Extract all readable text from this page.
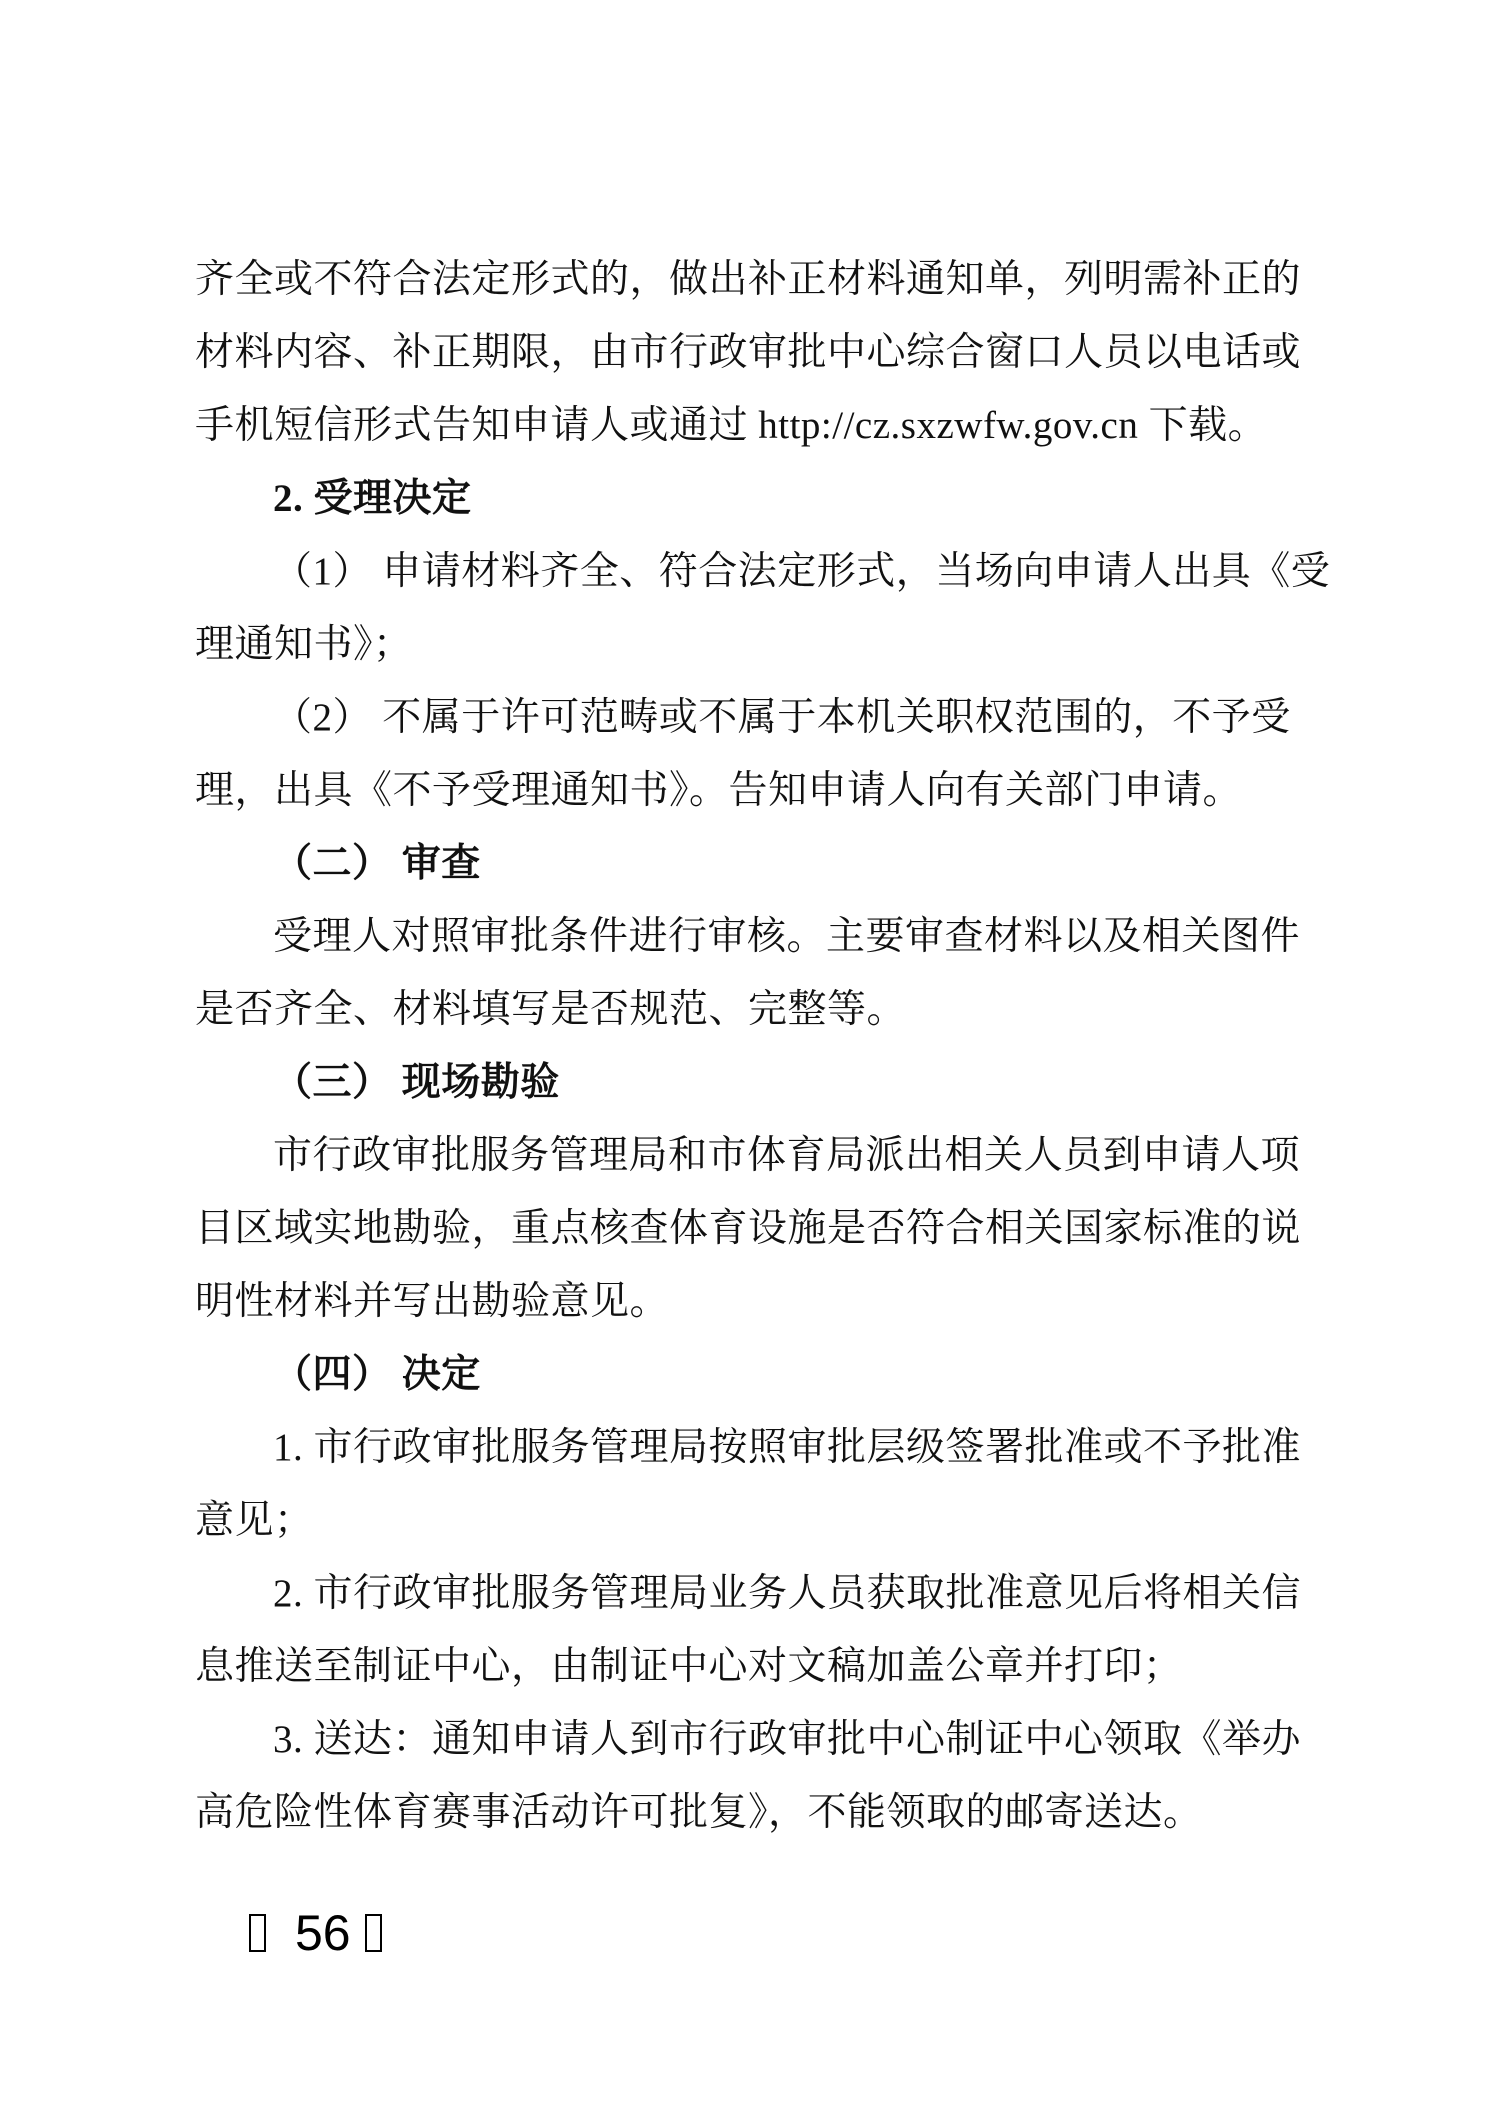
齐全或不符合法定形式的，做出补正材料通知单，列明需补正的
材料内容、补正期限，由市行政审批中心综合窗口人员以电话或
手机短信形式告知申请人或通过 http://cz.sxzwfw.gov.cn 下载。
2. 受理决定
（1） 申请材料齐全、符合法定形式，当场向申请人出具《受
理通知书》；
（2） 不属于许可范畴或不属于本机关职权范围的，不予受
理，出具《不予受理通知书》。告知申请人向有关部门申请。
（二） 审查
受理人对照审批条件进行审核。主要审查材料以及相关图件
是否齐全、材料填写是否规范、完整等。
（三） 现场勘验
市行政审批服务管理局和市体育局派出相关人员到申请人项
目区域实地勘验，重点核查体育设施是否符合相关国家标准的说
明性材料并写出勘验意见。
（四） 决定
1. 市行政审批服务管理局按照审批层级签署批准或不予批准
意见；
2. 市行政审批服务管理局业务人员获取批准意见后将相关信
息推送至制证中心，由制证中心对文稿加盖公章并打印；
3. 送达：通知申请人到市行政审批中心制证中心领取《举办
高危险性体育赛事活动许可批复》，不能领取的邮寄送达。
56
